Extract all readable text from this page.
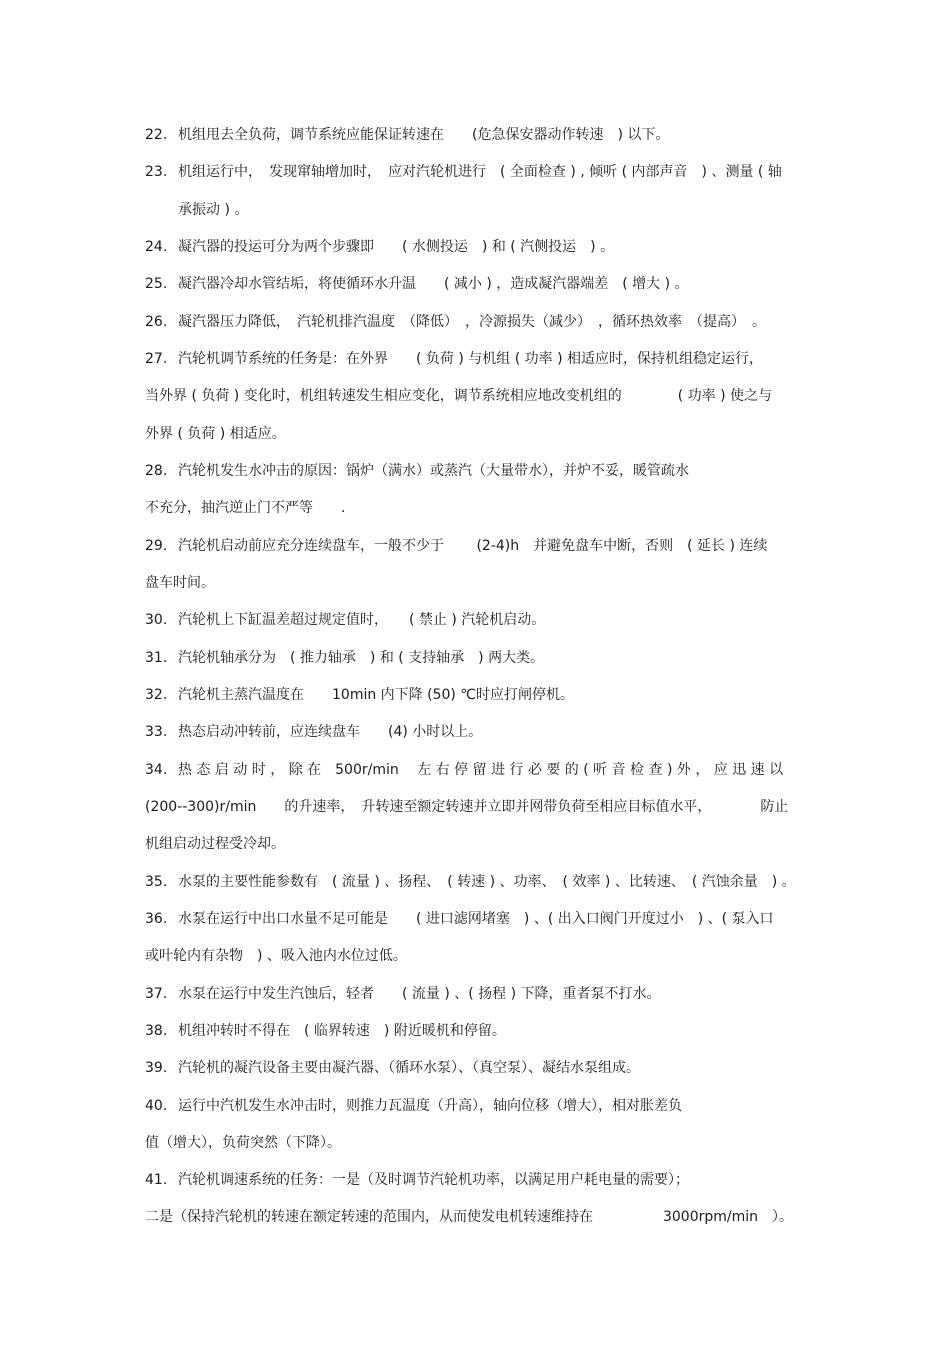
22. 机组甩去全负荷，调节系统应能保证转速在　　(危急保安器动作转速　) 以下。
23. 机组运行中，　发现窜轴增加时，　应对汽轮机进行　( 全面检查 ) , 倾听 ( 内部声音　) 、测量 ( 轴
承振动 ) 。
24. 凝汽器的投运可分为两个步骤即　　( 水侧投运　) 和 ( 汽侧投运　) 。
25. 凝汽器冷却水管结垢，将使循环水升温　　( 减小 ) ，造成凝汽器端差　( 增大 ) 。
26. 凝汽器压力降低，　汽轮机排汽温度　（降低）　，冷源损失（减少）　，循环热效率　（提高）　。
27. 汽轮机调节系统的任务是：在外界　　( 负荷 ) 与机组 ( 功率 ) 相适应时，保持机组稳定运行，
当外界 ( 负荷 ) 变化时，机组转速发生相应变化，调节系统相应地改变机组的　　　　( 功率 ) 使之与
外界 ( 负荷 ) 相适应。
28. 汽轮机发生水冲击的原因：锅炉（满水）或蒸汽（大量带水），并炉不妥，暖管疏水
不充分，抽汽逆止门不严等　　.
29. 汽轮机启动前应充分连续盘车，一般不少于　　 (2-4)h　并避免盘车中断，否则　( 延长 ) 连续
盘车时间。
30. 汽轮机上下缸温差超过规定值时，　　( 禁止 ) 汽轮机启动。
31. 汽轮机轴承分为　( 推力轴承　) 和 ( 支持轴承　) 两大类。
32. 汽轮机主蒸汽温度在　　10min 内下降 (50) ℃时应打闸停机。
33. 热态启动冲转前，应连续盘车　　(4) 小时以上。
34. 热 态 启 动 时 ， 除 在　500r/min　 左 右 停 留 进 行 必 要 的 ( 听 音 检 查 ) 外 ， 应 迅 速 以
(200--300)r/min　　的升速率，　升转速至额定转速并立即并网带负荷至相应目标值水平，　　　　防止
机组启动过程受冷却。
35. 水泵的主要性能参数有　( 流量 ) 、扬程、　( 转速 ) 、功率、　( 效率 ) 、比转速、　( 汽蚀余量　) 。
36. 水泵在运行中出口水量不足可能是　　( 进口滤网堵塞　) 、( 出入口阀门开度过小　) 、( 泵入口
或叶轮内有杂物　) 、吸入池内水位过低。
37. 水泵在运行中发生汽蚀后，轻者　　( 流量 ) 、( 扬程 ) 下降，重者泵不打水。
38. 机组冲转时不得在　( 临界转速　) 附近暖机和停留。
39. 汽轮机的凝汽设备主要由凝汽器、（循环水泵）、（真空泵）、凝结水泵组成。
40. 运行中汽机发生水冲击时，则推力瓦温度（升高），轴向位移（增大），相对胀差负
值（增大），负荷突然（下降）。
41. 汽轮机调速系统的任务：一是（及时调节汽轮机功率，以满足用户耗电量的需要）；
二是（保持汽轮机的转速在额定转速的范围内，从而使发电机转速维持在　　　　　3000rpm/min　）。
